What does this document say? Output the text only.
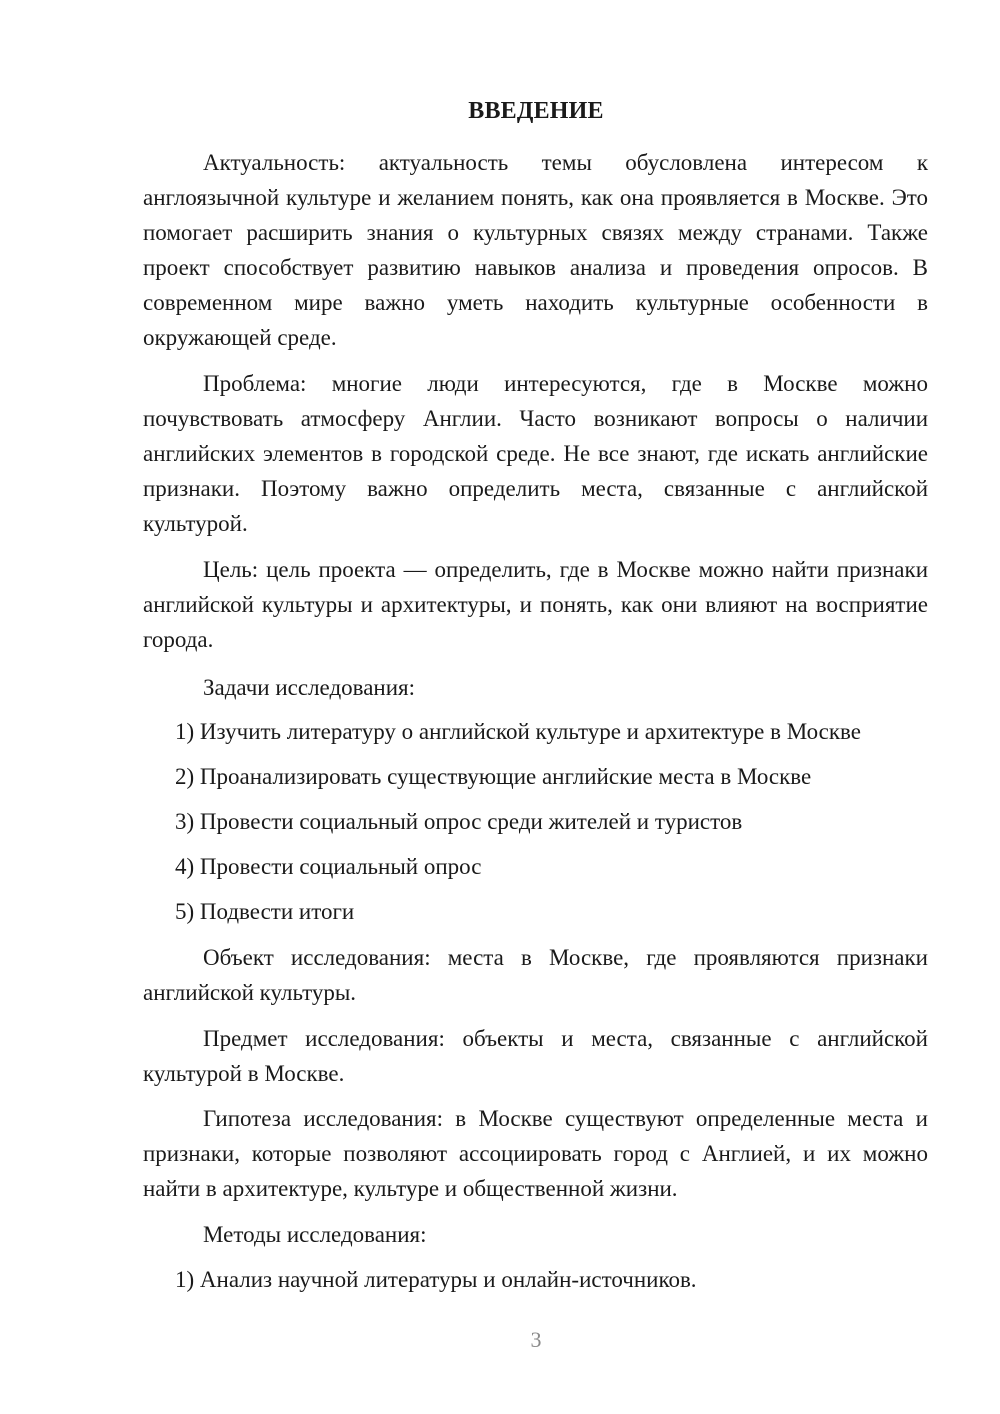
ВВЕДЕНИЕ

Актуальность: актуальность темы обусловлена интересом к англоязычной культуре и желанием понять, как она проявляется в Москве. Это помогает расширить знания о культурных связях между странами. Также проект способствует развитию навыков анализа и проведения опросов. В современном мире важно уметь находить культурные особенности в окружающей среде.

Проблема: многие люди интересуются, где в Москве можно почувствовать атмосферу Англии. Часто возникают вопросы о наличии английских элементов в городской среде. Не все знают, где искать английские признаки. Поэтому важно определить места, связанные с английской культурой.

Цель: цель проекта — определить, где в Москве можно найти признаки английской культуры и архитектуры, и понять, как они влияют на восприятие города.

Задачи исследования:

1) Изучить литературу о английской культуре и архитектуре в Москве

2) Проанализировать существующие английские места в Москве

3) Провести социальный опрос среди жителей и туристов

4) Провести социальный опрос

5) Подвести итоги

Объект исследования: места в Москве, где проявляются признаки английской культуры.

Предмет исследования: объекты и места, связанные с английской культурой в Москве.

Гипотеза исследования: в Москве существуют определенные места и признаки, которые позволяют ассоциировать город с Англией, и их можно найти в архитектуре, культуре и общественной жизни.

Методы исследования:

1) Анализ научной литературы и онлайн-источников.

3
